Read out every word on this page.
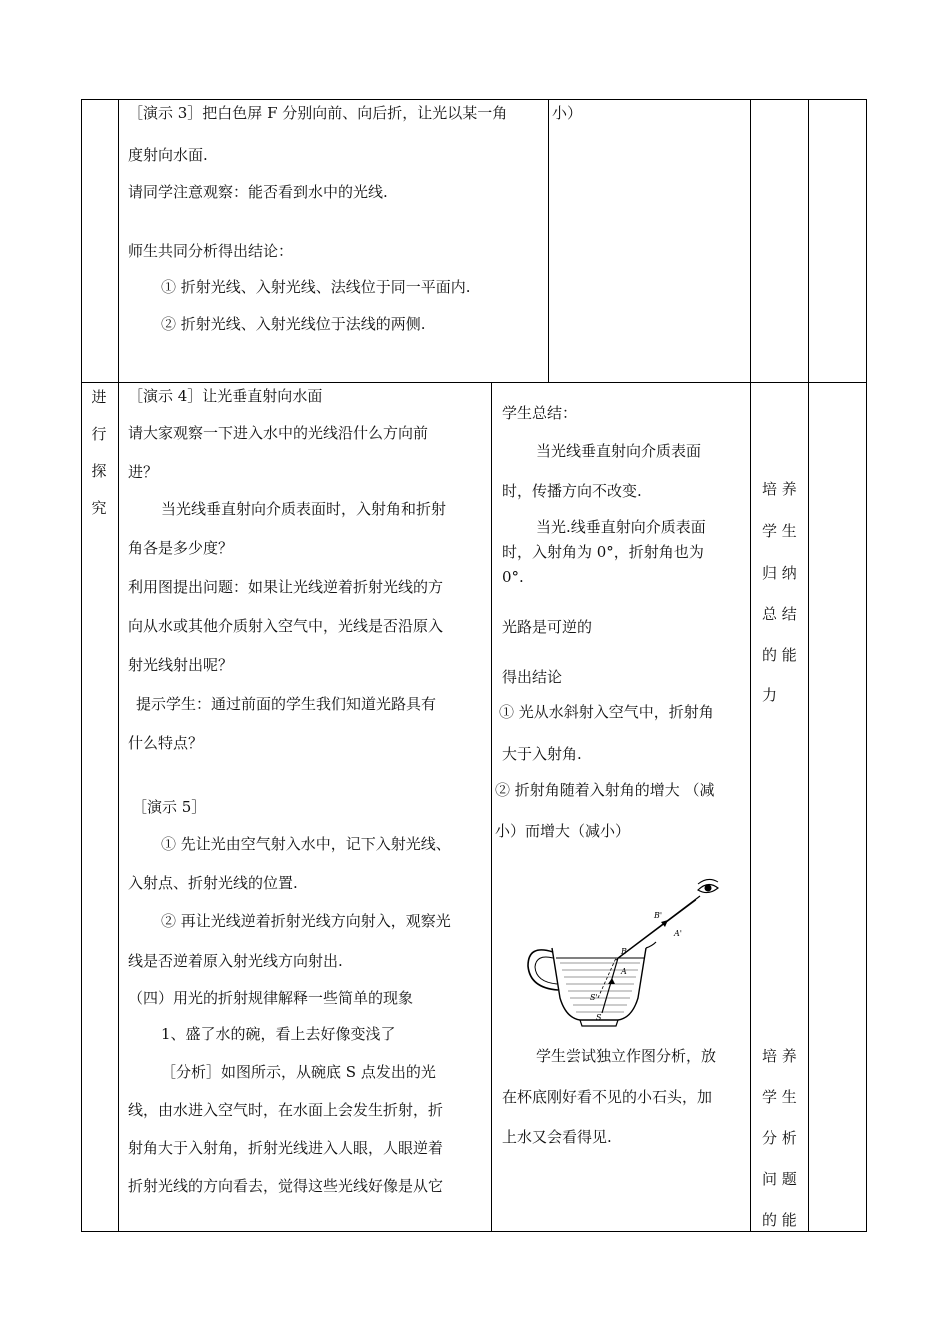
［演示 3］把白色屏 F 分别向前、向后折，让光以某一角
度射向水面.
请同学注意观察：能否看到水中的光线.
师生共同分析得出结论：
① 折射光线、入射光线、法线位于同一平面内.
② 折射光线、入射光线位于法线的两侧.
小）
进
行
探
究
［演示 4］让光垂直射向水面
请大家观察一下进入水中的光线沿什么方向前
进？
当光线垂直射向介质表面时，入射角和折射
角各是多少度？
利用图提出问题：如果让光线逆着折射光线的方
向从水或其他介质射入空气中，光线是否沿原入
射光线射出呢？
提示学生：通过前面的学生我们知道光路具有
什么特点？
［演示 5］
① 先让光由空气射入水中，记下入射光线、
入射点、折射光线的位置.
② 再让光线逆着折射光线方向射入，观察光
线是否逆着原入射光线方向射出.
（四）用光的折射规律解释一些简单的现象
1、盛了水的碗，看上去好像变浅了
［分析］如图所示，从碗底 S 点发出的光
线，由水进入空气时，在水面上会发生折射，折
射角大于入射角，折射光线进入人眼，人眼逆着
折射光线的方向看去，觉得这些光线好像是从它
学生总结：
当光线垂直射向介质表面
时，传播方向不改变.
当光.线垂直射向介质表面
时，入射角为 0°，折射角也为
0°.
光路是可逆的
得出结论
① 光从水斜射入空气中，折射角
大于入射角.
② 折射角随着入射角的增大 （减
小）而增大（减小）
学生尝试独立作图分析，放
在杯底刚好看不见的小石头，加
上水又会看得见.
B'
A'
B
A
S'
S
培 养
学 生
归 纳
总 结
的 能
力
培 养
学 生
分 析
问 题
的 能
